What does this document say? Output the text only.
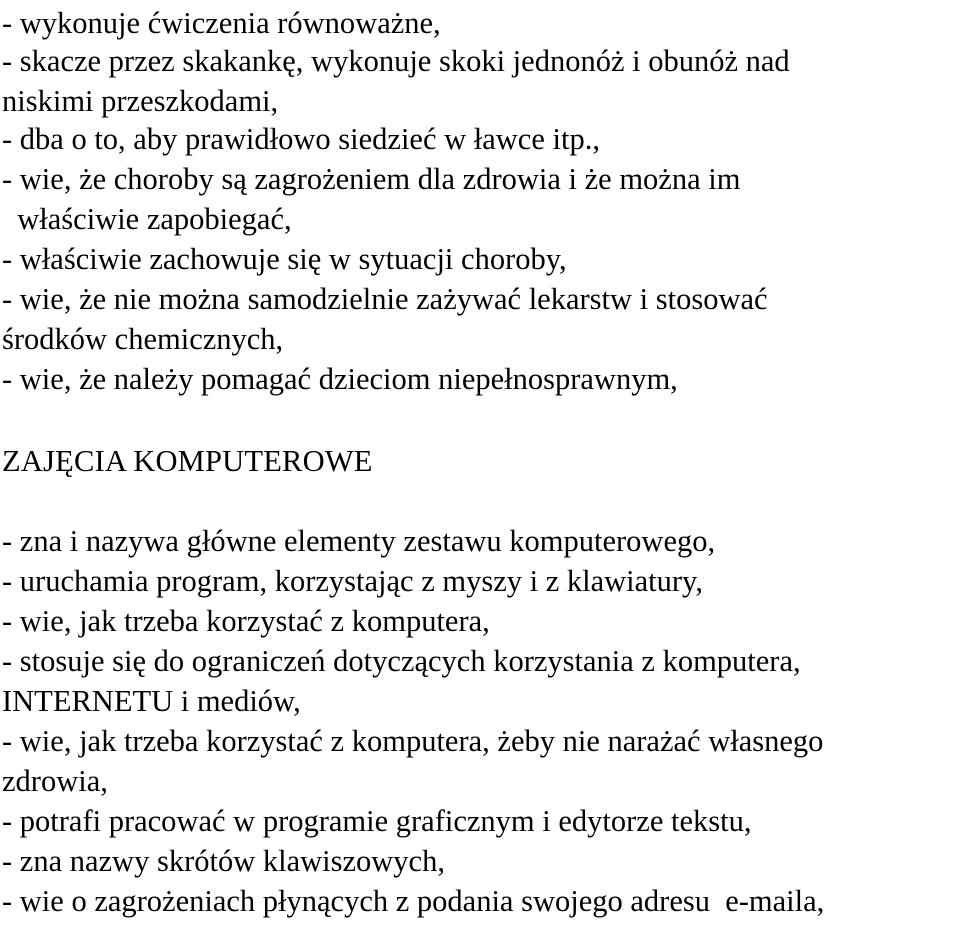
- wykonuje ćwiczenia równoważne,
- skacze przez skakankę, wykonuje skoki jednonóż i obunóż nad
niskimi przeszkodami,
- dba o to, aby prawidłowo siedzieć w ławce itp.,
- wie, że choroby są zagrożeniem dla zdrowia i że można im
właściwie zapobiegać,
- właściwie zachowuje się w sytuacji choroby,
- wie, że nie można samodzielnie zażywać lekarstw i stosować
środków chemicznych,
- wie, że należy pomagać dzieciom niepełnosprawnym,
ZAJĘCIA KOMPUTEROWE
- zna i nazywa główne elementy zestawu komputerowego,
- uruchamia program, korzystając z myszy i z klawiatury,
- wie, jak trzeba korzystać z komputera,
- stosuje się do ograniczeń dotyczących korzystania z komputera,
INTERNETU i mediów,
- wie, jak trzeba korzystać z komputera, żeby nie narażać własnego
zdrowia,
- potrafi pracować w programie graficznym i edytorze tekstu,
- zna nazwy skrótów klawiszowych,
- wie o zagrożeniach płynących z podania swojego adresu  e-maila,
